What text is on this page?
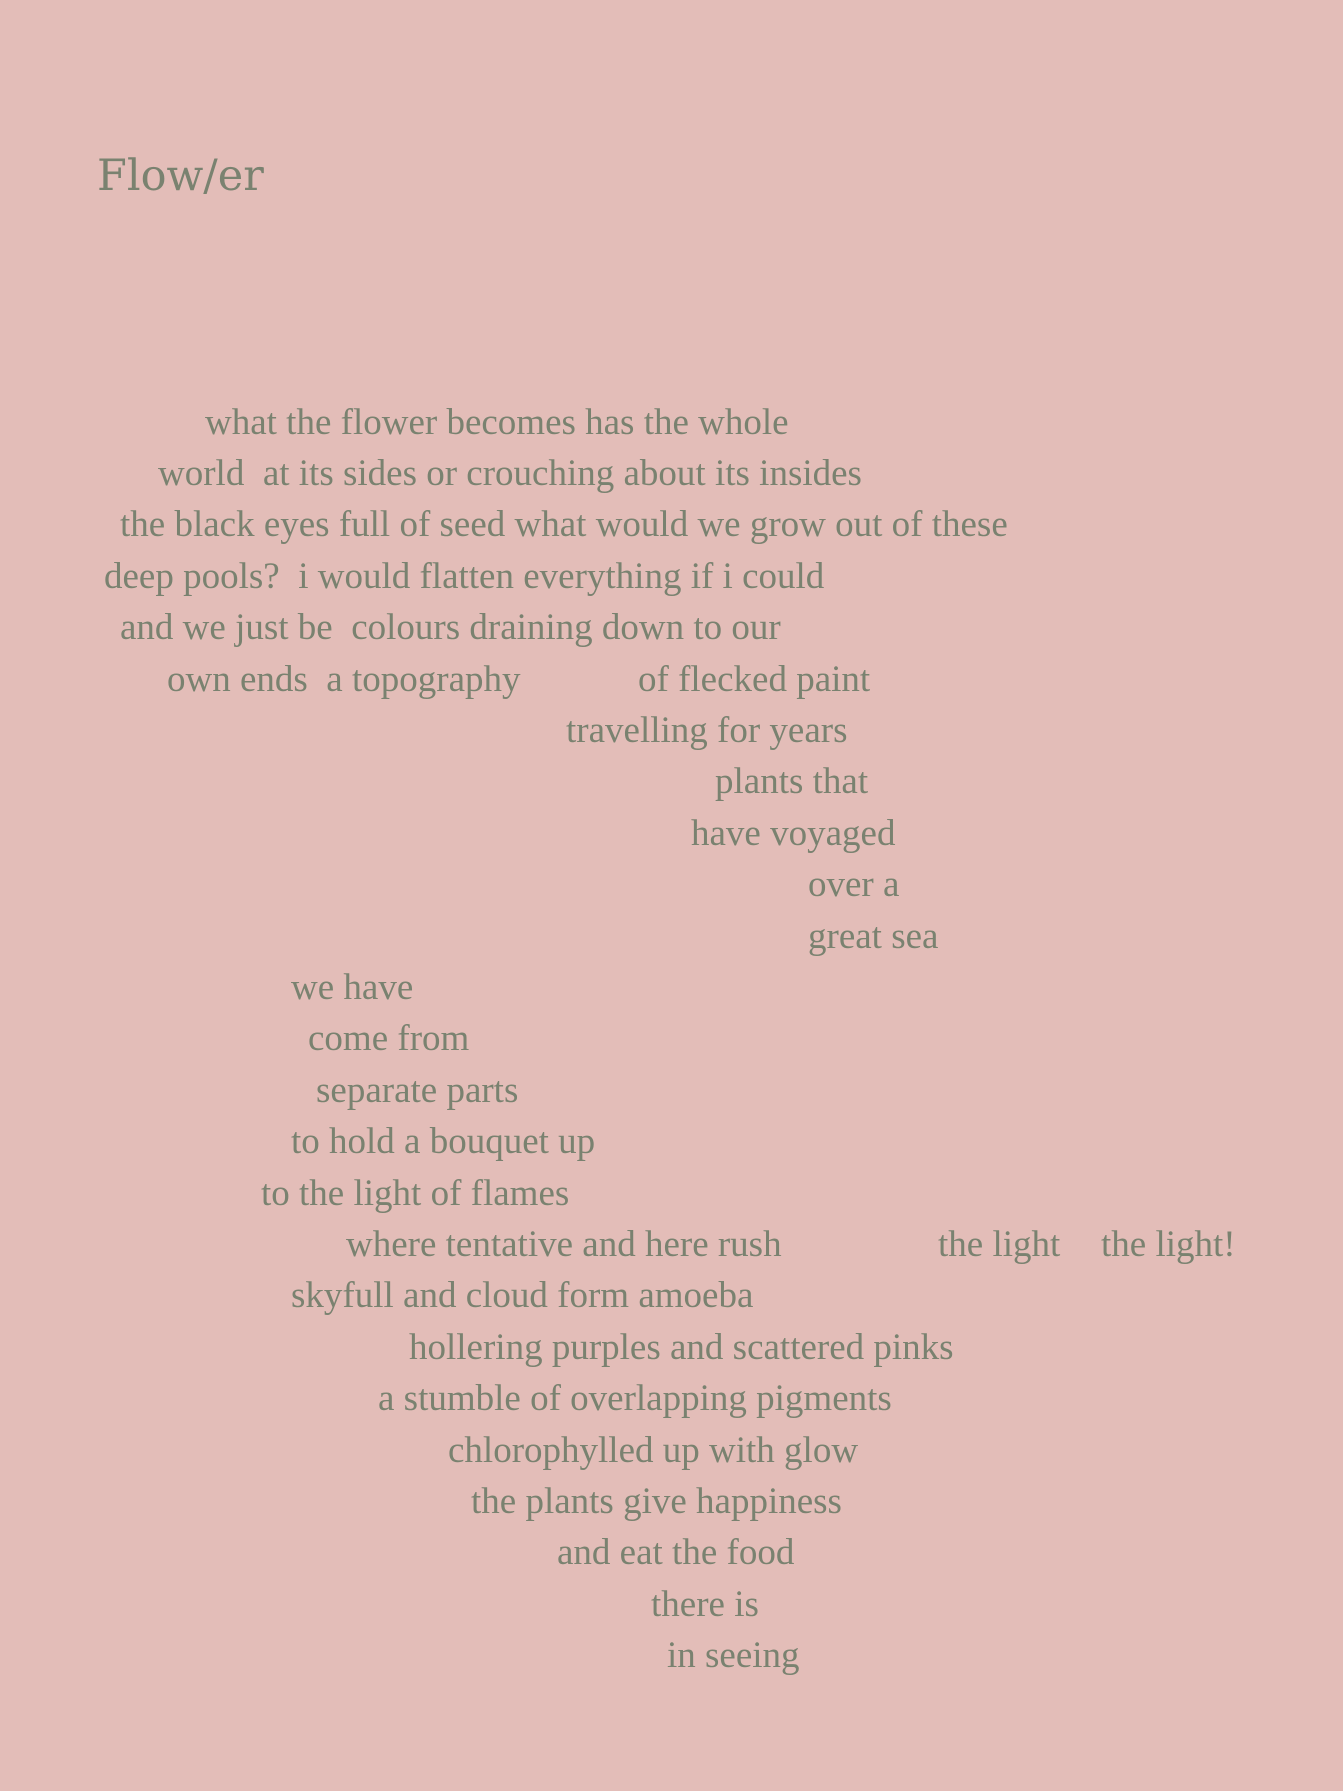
Flow/er
what the flower becomes has the whole
world  at its sides or crouching about its insides
the black eyes full of seed what would we grow out of these
deep pools?  i would flatten everything if i could
and we just be  colours draining down to our
own ends  a topography	of flecked paint
travelling for years
plants that
have voyaged
over a
great sea
we have
come from
separate parts
to hold a bouquet up
to the light of flames
where tentative and here rush	the light the light!
skyfull and cloud form amoeba
hollering purples and scattered pinks
a stumble of overlapping pigments
chlorophylled up with glow
the plants give happiness
and eat the food
there is
in seeing
